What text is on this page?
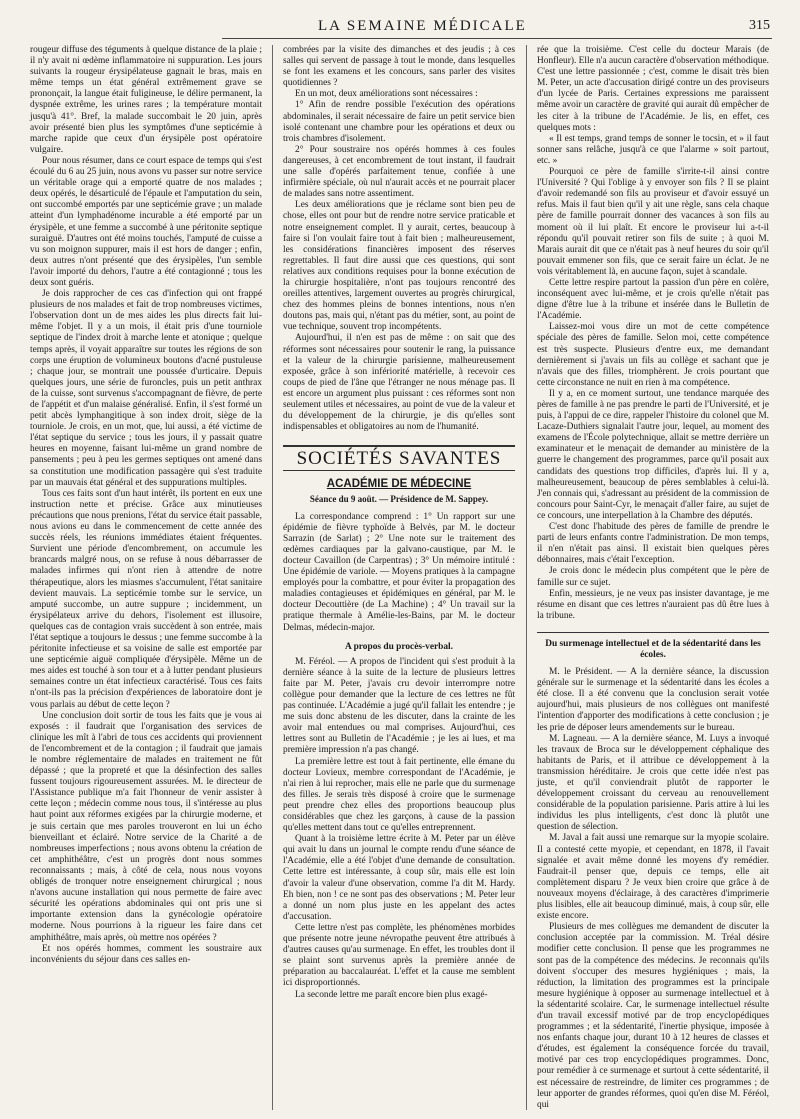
LA SEMAINE MÉDICALE	315

rougeur diffuse des téguments à quelque distance de la plaie ; il n'y avait ni œdème inflammatoire ni suppuration. Les jours suivants la rougeur érysipélateuse gagnait le bras, mais en même temps un état général extrêmement grave se prononçait, la langue était fuligineuse, le délire permanent, la dyspnée extrême, les urines rares ; la température montait jusqu'à 41°. Bref, la malade succombait le 20 juin, après avoir présenté bien plus les symptômes d'une septicémie à marche rapide que ceux d'un érysipèle post opératoire vulgaire.

Pour nous résumer, dans ce court espace de temps qui s'est écoulé du 6 au 25 juin, nous avons vu passer sur notre service un véritable orage qui a emporté quatre de nos malades ; deux opérés, le désarticulé de l'épaule et l'amputation du sein, ont succombé emportés par une septicémie grave ; un malade atteint d'un lymphadénome incurable a été emporté par un érysipèle, et une femme a succombé à une péritonite septique suraiguë. D'autres ont été moins touchés, l'amputé de cuisse a vu son moignon suppurer, mais il est hors de danger ; enfin, deux autres n'ont présenté que des érysipèles, l'un semble l'avoir importé du dehors, l'autre a été contagionné ; tous les deux sont guéris.

Je dois rapprocher de ces cas d'infection qui ont frappé plusieurs de nos malades et fait de trop nombreuses victimes, l'observation dont un de mes aides les plus directs fait lui-même l'objet. Il y a un mois, il était pris d'une tourniole septique de l'index droit à marche lente et atonique ; quelque temps après, il voyait apparaître sur toutes les régions de son corps une éruption de volumineux boutons d'acné pustuleuse ; chaque jour, se montrait une poussée d'urticaire. Depuis quelques jours, une série de furoncles, puis un petit anthrax de la cuisse, sont survenus s'accompagnant de fièvre, de perte de l'appétit et d'un malaise généralisé. Enfin, il s'est formé un petit abcès lymphangitique à son index droit, siège de la tourniole. Je crois, en un mot, que, lui aussi, a été victime de l'état septique du service ; tous les jours, il y passait quatre heures en moyenne, faisant lui-même un grand nombre de pansements ; peu à peu les germes septiques ont amené dans sa constitution une modification passagère qui s'est traduite par un mauvais état général et des suppurations multiples.

Tous ces faits sont d'un haut intérêt, ils portent en eux une instruction nette et précise. Grâce aux minutieuses précautions que nous prenions, l'état du service était passable, nous avions eu dans le commencement de cette année des succès réels, les réunions immédiates étaient fréquentes. Survient une période d'encombrement, on accumule les brancards malgré nous, on se refuse à nous débarrasser de malades infirmes qui n'ont rien à attendre de notre thérapeutique, alors les miasmes s'accumulent, l'état sanitaire devient mauvais. La septicémie tombe sur le service, un amputé succombe, un autre suppure ; incidemment, un érysipélateux arrive du dehors, l'isolement est illusoire, quelques cas de contagion vrais succèdent à son entrée, mais l'état septique a toujours le dessus ; une femme succombe à la péritonite infectieuse et sa voisine de salle est emportée par une septicémie aiguë compliquée d'érysipèle. Même un de mes aides est touché à son tour et a à lutter pendant plusieurs semaines contre un état infectieux caractérisé. Tous ces faits n'ont-ils pas la précision d'expériences de laboratoire dont je vous parlais au début de cette leçon ?

Une conclusion doit sortir de tous les faits que je vous ai exposés : il faudrait que l'organisation des services de clinique les mît à l'abri de tous ces accidents qui proviennent de l'encombrement et de la contagion ; il faudrait que jamais le nombre réglementaire de malades en traitement ne fût dépassé ; que la propreté et que la désinfection des salles fussent toujours rigoureusement assurées. M. le directeur de l'Assistance publique m'a fait l'honneur de venir assister à cette leçon ; médecin comme nous tous, il s'intéresse au plus haut point aux réformes exigées par la chirurgie moderne, et je suis certain que mes paroles trouveront en lui un écho bienveillant et éclairé. Notre service de la Charité a de nombreuses imperfections ; nous avons obtenu la création de cet amphithéâtre, c'est un progrès dont nous sommes reconnaissants ; mais, à côté de cela, nous nous voyons obligés de tronquer notre enseignement chirurgical ; nous n'avons aucune installation qui nous permette de faire avec sécurité les opérations abdominales qui ont pris une si importante extension dans la gynécologie opératoire moderne. Nous pourrions à la rigueur les faire dans cet amphithéâtre, mais après, où mettre nos opérées ?

Et nos opérés hommes, comment les soustraire aux inconvénients du séjour dans ces salles en-

combrées par la visite des dimanches et des jeudis ; à ces salles qui servent de passage à tout le monde, dans lesquelles se font les examens et les concours, sans parler des visites quotidiennes ?

En un mot, deux améliorations sont nécessaires :

1° Afin de rendre possible l'exécution des opérations abdominales, il serait nécessaire de faire un petit service bien isolé contenant une chambre pour les opérations et deux ou trois chambres d'isolement.

2° Pour soustraire nos opérés hommes à ces foules dangereuses, à cet encombrement de tout instant, il faudrait une salle d'opérés parfaitement tenue, confiée à une infirmière spéciale, où nul n'aurait accès et ne pourrait placer de malades sans notre assentiment.

Les deux améliorations que je réclame sont bien peu de chose, elles ont pour but de rendre notre service praticable et notre enseignement complet. Il y aurait, certes, beaucoup à faire si l'on voulait faire tout à fait bien ; malheureusement, les considérations financières imposent des réserves regrettables. Il faut dire aussi que ces questions, qui sont relatives aux conditions requises pour la bonne exécution de la chirurgie hospitalière, n'ont pas toujours rencontré des oreilles attentives, largement ouvertes au progrès chirurgical, chez des hommes pleins de bonnes intentions, nous n'en doutons pas, mais qui, n'étant pas du métier, sont, au point de vue technique, souvent trop incompétents.

Aujourd'hui, il n'en est pas de même : on sait que des réformes sont nécessaires pour soutenir le rang, la puissance et la valeur de la chirurgie parisienne, malheureusement exposée, grâce à son infériorité matérielle, à recevoir ces coups de pied de l'âne que l'étranger ne nous ménage pas. Il est encore un argument plus puissant : ces réformes sont non seulement utiles et nécessaires, au point de vue de la valeur et du développement de la chirurgie, je dis qu'elles sont indispensables et obligatoires au nom de l'humanité.

SOCIÉTÉS SAVANTES
ACADÉMIE DE MÉDECINE
Séance du 9 août. — Présidence de M. Sappey.

La correspondance comprend : 1° Un rapport sur une épidémie de fièvre typhoïde à Belvès, par M. le docteur Sarrazin (de Sarlat) ; 2° Une note sur le traitement des œdèmes cardiaques par la galvano-caustique, par M. le docteur Cavaillon (de Carpentras) ; 3° Un mémoire intitulé : Une épidémie de variole. — Moyens pratiques à la campagne employés pour la combattre, et pour éviter la propagation des maladies contagieuses et épidémiques en général, par M. le docteur Decouttière (de La Machine) ; 4° Un travail sur la pratique thermale à Amélie-les-Bains, par M. le docteur Delmas, médecin-major.

A propos du procès-verbal.

M. Féréol. — A propos de l'incident qui s'est produit à la dernière séance à la suite de la lecture de plusieurs lettres faite par M. Peter, j'avais cru devoir interrompre notre collègue pour demander que la lecture de ces lettres ne fût pas continuée. L'Académie a jugé qu'il fallait les entendre ; je me suis donc abstenu de les discuter, dans la crainte de les avoir mal entendues ou mal comprises. Aujourd'hui, ces lettres sont au Bulletin de l'Académie ; je les ai lues, et ma première impression n'a pas changé.

La première lettre est tout à fait pertinente, elle émane du docteur Lovieux, membre correspondant de l'Académie, je n'ai rien à lui reprocher, mais elle ne parle que du surmenage des filles. Je serais très disposé à croire que le surmenage peut prendre chez elles des proportions beaucoup plus considérables que chez les garçons, à cause de la passion qu'elles mettent dans tout ce qu'elles entreprennent.

Quant à la troisième lettre écrite à M. Peter par un élève qui avait lu dans un journal le compte rendu d'une séance de l'Académie, elle a été l'objet d'une demande de consultation. Cette lettre est intéressante, à coup sûr, mais elle est loin d'avoir la valeur d'une observation, comme l'a dit M. Hardy. Eh bien, non ! ce ne sont pas des observations ; M. Peter leur a donné un nom plus juste en les appelant des actes d'accusation.

Cette lettre n'est pas complète, les phénomènes morbides que présente notre jeune névropathe peuvent être attribués à d'autres causes qu'au surmenage. En effet, les troubles dont il se plaint sont survenus après la première année de préparation au baccalauréat. L'effet et la cause me semblent ici disproportionnés.

La seconde lettre me paraît encore bien plus exagé-

rée que la troisième. C'est celle du docteur Marais (de Honfleur). Elle n'a aucun caractère d'observation méthodique. C'est une lettre passionnée ; c'est, comme le disait très bien M. Peter, un acte d'accusation dirigé contre un des proviseurs d'un lycée de Paris. Certaines expressions me paraissent même avoir un caractère de gravité qui aurait dû empêcher de les citer à la tribune de l'Académie. Je lis, en effet, ces quelques mots :

« Il est temps, grand temps de sonner le tocsin, et » il faut sonner sans relâche, jusqu'à ce que l'alarme » soit partout, etc. »

Pourquoi ce père de famille s'irrite-t-il ainsi contre l'Université ? Qui l'oblige à y envoyer son fils ? Il se plaint d'avoir redemandé son fils au proviseur et d'avoir essuyé un refus. Mais il faut bien qu'il y ait une règle, sans cela chaque père de famille pourrait donner des vacances à son fils au moment où il lui plaît. Et encore le proviseur lui a-t-il répondu qu'il pouvait retirer son fils de suite ; à quoi M. Marais aurait dit que ce n'était pas à neuf heures du soir qu'il pouvait emmener son fils, que ce serait faire un éclat. Je ne vois véritablement là, en aucune façon, sujet à scandale.

Cette lettre respire partout la passion d'un père en colère, inconséquent avec lui-même, et je crois qu'elle n'était pas digne d'être lue à la tribune et insérée dans le Bulletin de l'Académie.

Laissez-moi vous dire un mot de cette compétence spéciale des pères de famille. Selon moi, cette compétence est très suspecte. Plusieurs d'entre eux, me demandant dernièrement si j'avais un fils au collège et sachant que je n'avais que des filles, triomphèrent. Je crois pourtant que cette circonstance ne nuit en rien à ma compétence.

Il y a, en ce moment surtout, une tendance marquée des pères de famille à ne pas prendre le parti de l'Université, et je puis, à l'appui de ce dire, rappeler l'histoire du colonel que M. Lacaze-Duthiers signalait l'autre jour, lequel, au moment des examens de l'École polytechnique, allait se mettre derrière un examinateur et le menaçait de demander au ministère de la guerre le changement des programmes, parce qu'il posait aux candidats des questions trop difficiles, d'après lui. Il y a, malheureusement, beaucoup de pères semblables à celui-là. J'en connais qui, s'adressant au président de la commission de concours pour Saint-Cyr, le menaçait d'aller faire, au sujet de ce concours, une interpellation à la Chambre des députés.

C'est donc l'habitude des pères de famille de prendre le parti de leurs enfants contre l'administration. De mon temps, il n'en n'était pas ainsi. Il existait bien quelques pères débonnaires, mais c'était l'exception.

Je crois donc le médecin plus compétent que le père de famille sur ce sujet.

Enfin, messieurs, je ne veux pas insister davantage, je me résume en disant que ces lettres n'auraient pas dû être lues à la tribune.

Du surmenage intellectuel et de la sédentarité dans les écoles.

M. le Président. — A la dernière séance, la discussion générale sur le surmenage et la sédentarité dans les écoles a été close. Il a été convenu que la conclusion serait votée aujourd'hui, mais plusieurs de nos collègues ont manifesté l'intention d'apporter des modifications à cette conclusion ; je les prie de déposer leurs amendements sur le bureau.

M. Lagneau. — A la dernière séance, M. Luys a invoqué les travaux de Broca sur le développement céphalique des habitants de Paris, et il attribue ce développement à la transmission héréditaire. Je crois que cette idée n'est pas juste, et qu'il conviendrait plutôt de rapporter le développement croissant du cerveau au renouvellement considérable de la population parisienne. Paris attire à lui les individus les plus intelligents, c'est donc là plutôt une question de sélection.

M. Javal a fait aussi une remarque sur la myopie scolaire. Il a contesté cette myopie, et cependant, en 1878, il l'avait signalée et avait même donné les moyens d'y remédier. Faudrait-il penser que, depuis ce temps, elle ait complètement disparu ? Je veux bien croire que grâce à de nouveaux moyens d'éclairage, à des caractères d'imprimerie plus lisibles, elle ait beaucoup diminué, mais, à coup sûr, elle existe encore.

Plusieurs de mes collègues me demandent de discuter la conclusion acceptée par la commission. M. Tréal désire modifier cette conclusion. Il pense que les programmes ne sont pas de la compétence des médecins. Je reconnais qu'ils doivent s'occuper des mesures hygiéniques ; mais, la réduction, la limitation des programmes est la principale mesure hygiénique à opposer au surmenage intellectuel et à la sédentarité scolaire. Car, le surmenage intellectuel résulte d'un travail excessif motivé par de trop encyclopédiques programmes ; et la sédentarité, l'inertie physique, imposée à nos enfants chaque jour, durant 10 à 12 heures de classes et d'études, est également la conséquence forcée du travail, motivé par ces trop encyclopédiques programmes. Donc, pour remédier à ce surmenage et surtout à cette sédentarité, il est nécessaire de restreindre, de limiter ces programmes ; de leur apporter de grandes réformes, quoi qu'en dise M. Féréol, qui
